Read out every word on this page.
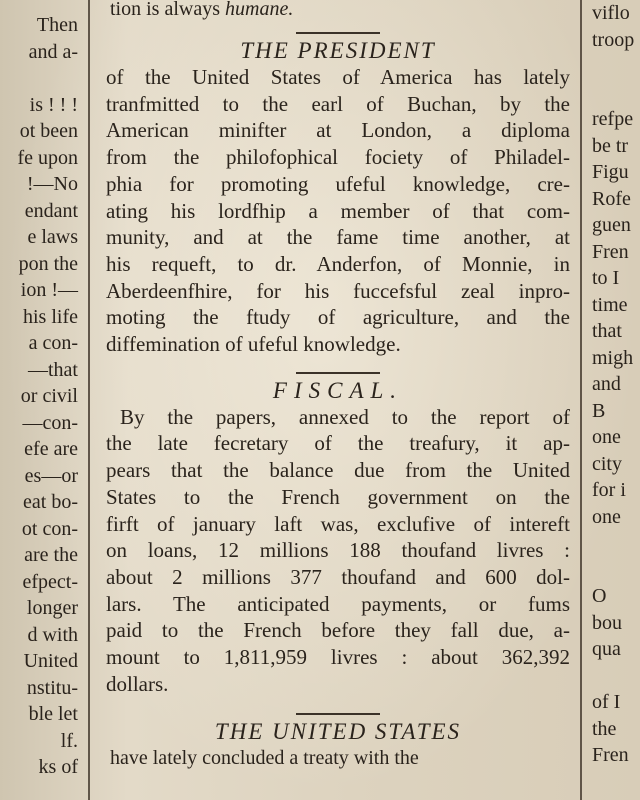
Then

and a-

is ! ! !

ot been

fe upon

!—No

endant

e laws

pon the

ion !—

his life

a con-

—that

or civil

—con-

efe are

es—or

eat bo-

ot con-

are the

efpect-

longer

d with

United

nstitu-

ble let

lf.

ks of

tion is always humane.

THE PRESIDENT
of the United States of America has lately
tranfmitted to the earl of Buchan, by the
American minifter at London, a diploma
from the philofophical fociety of Philadel-
phia for promoting ufeful knowledge, cre-
ating his lordfhip a member of that com-
munity, and at the fame time another, at
his requeft, to dr. Anderfon, of Monnie, in
Aberdeenfhire, for his fuccefsful zeal inpro-
moting the ftudy of agriculture, and the
diffemination of ufeful knowledge.
FISCAL.
By the papers, annexed to the report of
the late fecretary of the treafury, it ap-
pears that the balance due from the United
States to the French government on the
firft of january laft was, exclufive of intereft
on loans, 12 millions 188 thoufand livres :
about 2 millions 377 thoufand and 600 dol-
lars. The anticipated payments, or fums
paid to the French before they fall due, a-
mount to 1,811,959 livres : about 362,392
dollars.
THE UNITED STATES

have lately concluded a treaty with the

viflo

troop

refpe

be tr

Figu

Rofe

guen

Fren

to I

time

that

migh

and

B

one

city

for i

one

O

bou

qua

of I

the

Fren
